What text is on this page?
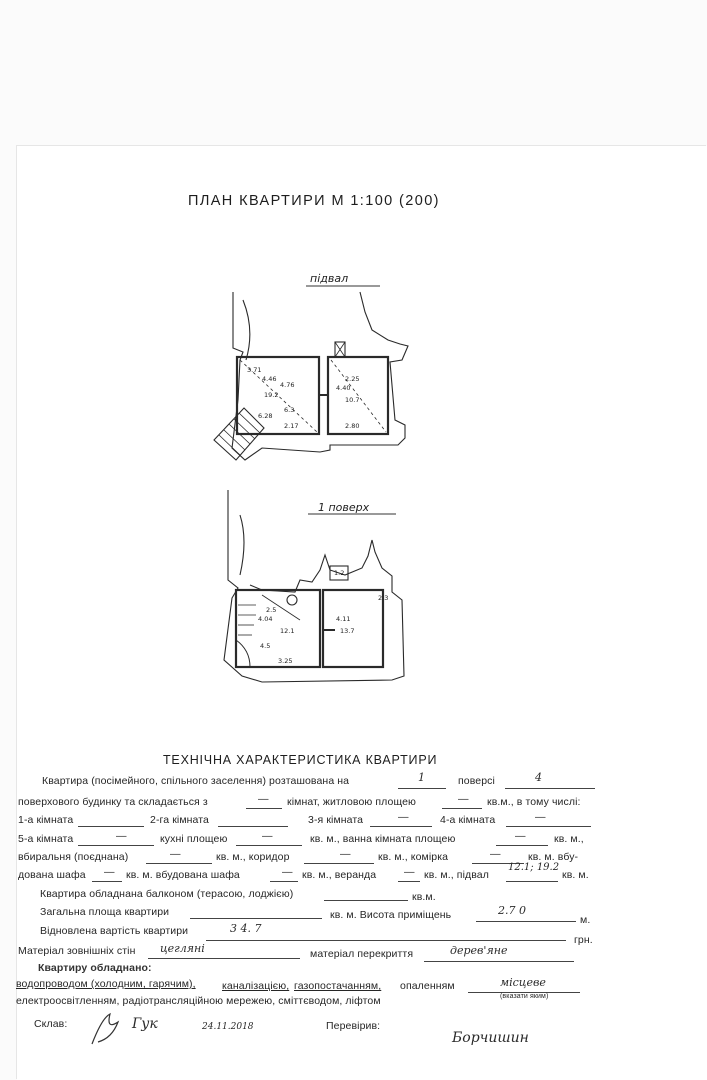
ПЛАН КВАРТИРИ М 1:100 (200)
підвал
1 поверх
4.46
4.76
19.2
2.25
4.40
10.7
6.3
2.17	2.80
3.71
6.28
4.04
12.1
4.11
13.7
3.25
2.3
1.2
2.5
4.5
ТЕХНІЧНА ХАРАКТЕРИСТИКА КВАРТИРИ
Квартира (посімейного, спільного заселення) розташована на	1	поверсі	4
поверхового будинку та складається з	— кімнат, житловою площею	— кв.м., в тому числі:
1-а кімната	2-га кімната	3-я кімната	—	4-а кімната	—
5-а кімната	—	кухні площею	—	кв. м., ванна кімната площею	—	кв. м.,
вбиральня (поєднана)	—	кв. м., коридор	—	кв. м., комірка	—	кв. м. вбу-
дована шафа — кв. м. вбудована шафа	— кв. м., веранда	— кв. м., підвал
12.1; 19.2
кв. м.
Квартира обладнана балконом (терасою, лоджією)	кв.м.
Загальна площа квартири	кв. м. Висота приміщень	2.7 0
м.
Відновлена вартість квартири	3 4. 7
грн.
Матеріал зовнішніх стін цегляні	матеріал перекриття	дерев'яне
Квартиру обладнано:
водопроводом (холодним, гарячим),	каналізацією, газопостачанням, опаленням	місцеве
(вказати яким)
електроосвітленням, радіотрансляційною мережею, сміттєводом, ліфтом
Склав:	Гук	24.11.2018	Перевірив:
Борчишин
